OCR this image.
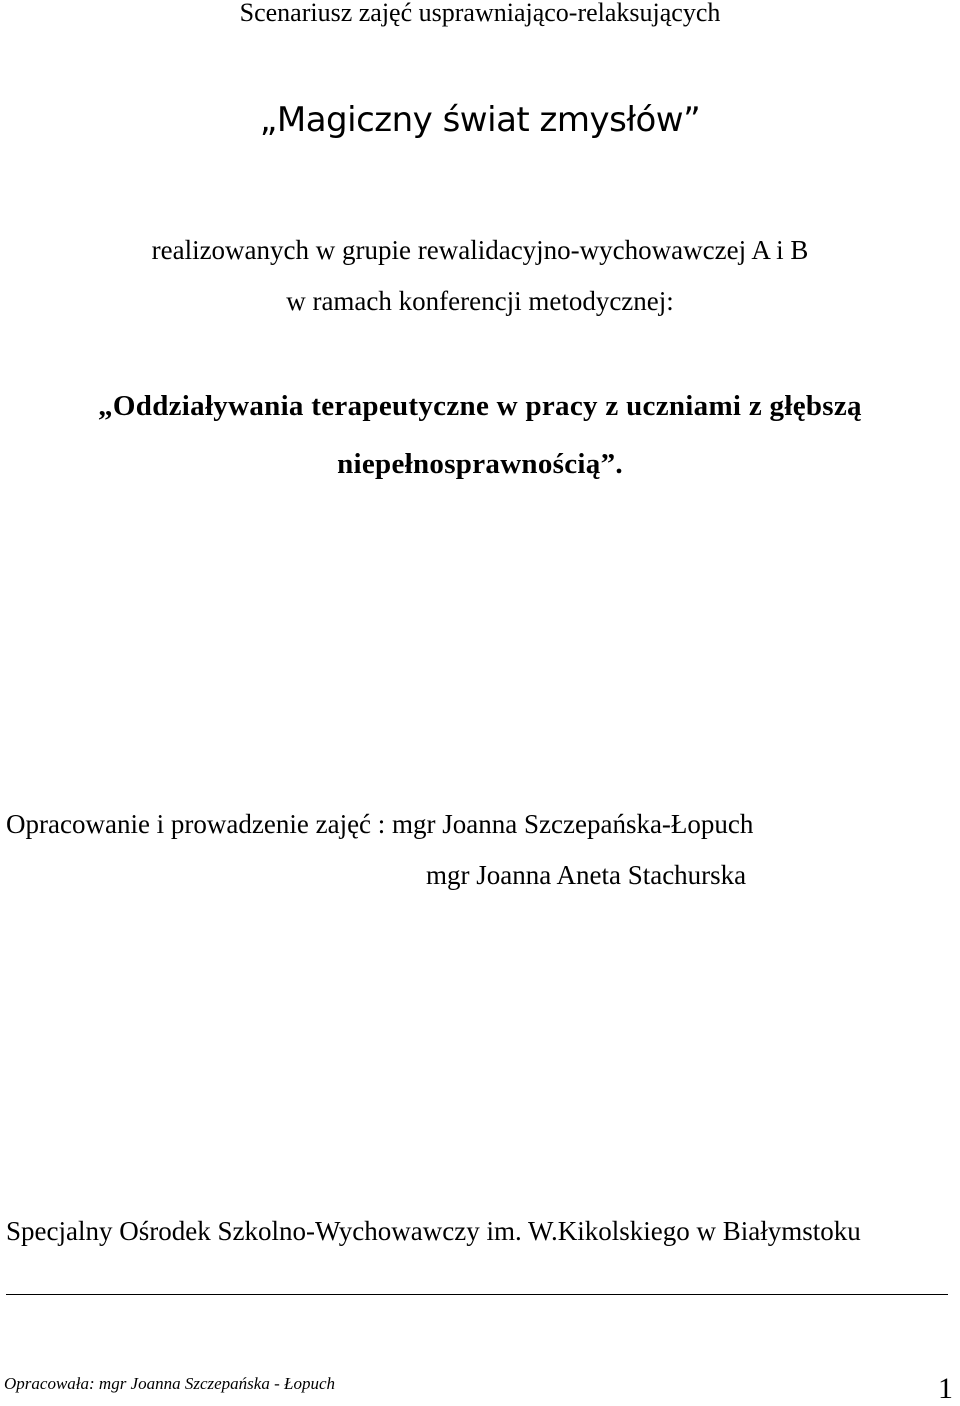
Scenariusz zajęć usprawniająco-relaksujących

„Magiczny świat zmysłów”

realizowanych w grupie rewalidacyjno-wychowawczej A i B

w ramach konferencji metodycznej:

„Oddziaływania terapeutyczne w pracy z uczniami z głębszą

niepełnosprawnością”.

Opracowanie i prowadzenie zajęć : mgr Joanna Szczepańska-Łopuch

mgr Joanna Aneta Stachurska

Specjalny Ośrodek Szkolno-Wychowawczy im. W.Kikolskiego w Białymstoku

Opracowała: mgr Joanna Szczepańska - Łopuch	1
